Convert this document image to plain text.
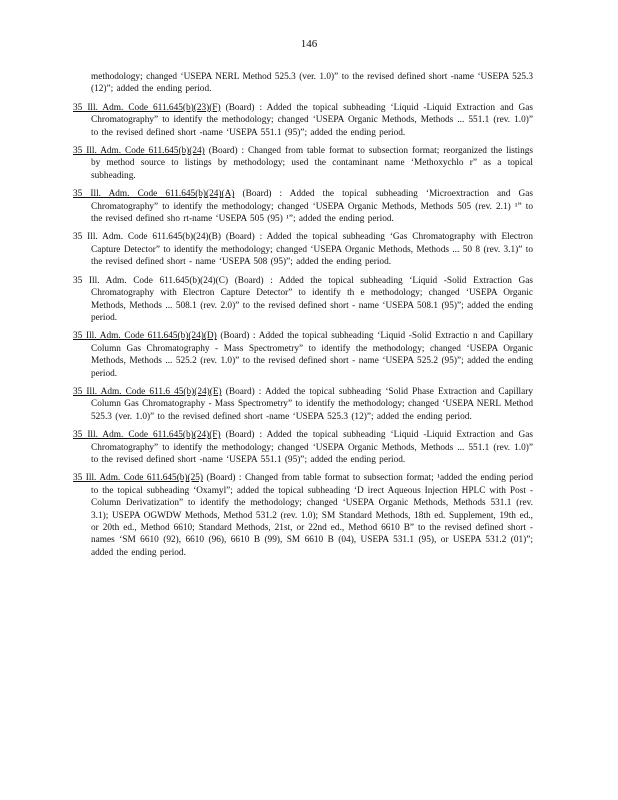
146

methodology; changed ‘USEPA NERL Method 525.3 (ver. 1.0)” to the revised defined short -name ‘USEPA 525.3 (12)”; added the ending period.

35 Ill. Adm. Code 611.645(b)(23)(F) (Board) : Added the topical subheading ‘Liquid -Liquid Extraction and Gas Chromatography” to identify the methodology; changed ‘USEPA Organic Methods, Methods ... 551.1 (rev. 1.0)” to the revised defined short -name ‘USEPA 551.1 (95)”; added the ending period.

35 Ill. Adm. Code 611.645(b)(24) (Board) : Changed from table format to subsection format; reorganized the listings by method source to listings by methodology; used the contaminant name ‘Methoxychlo r” as a topical subheading.

35 Ill. Adm. Code 611.645(b)(24)(A) (Board) : Added the topical subheading ‘Microextraction and Gas Chromatography” to identify the methodology; changed ‘USEPA Organic Methods, Methods 505 (rev. 2.1) ¹” to the revised defined sho rt-name ‘USEPA 505 (95) ¹”; added the ending period.

35 Ill. Adm. Code 611.645(b)(24)(B) (Board) : Added the topical subheading ‘Gas Chromatography with Electron Capture Detector” to identify the methodology; changed ‘USEPA Organic Methods, Methods ... 50 8 (rev. 3.1)” to the revised defined short - name ‘USEPA 508 (95)”; added the ending period.

35 Ill. Adm. Code 611.645(b)(24)(C) (Board) : Added the topical subheading ‘Liquid -Solid Extraction Gas Chromatography with Electron Capture Detector” to identify th e methodology; changed ‘USEPA Organic Methods, Methods ... 508.1 (rev. 2.0)” to the revised defined short - name ‘USEPA 508.1 (95)”; added the ending period.

35 Ill. Adm. Code 611.645(b)(24)(D) (Board) : Added the topical subheading ‘Liquid -Solid Extractio n and Capillary Column Gas Chromatography - Mass Spectrometry” to identify the methodology; changed ‘USEPA Organic Methods, Methods ... 525.2 (rev. 1.0)” to the revised defined short - name ‘USEPA 525.2 (95)”; added the ending period.

35 Ill. Adm. Code 611.6 45(b)(24)(E) (Board) : Added the topical subheading ‘Solid Phase Extraction and Capillary Column Gas Chromatography - Mass Spectrometry” to identify the methodology; changed ‘USEPA NERL Method 525.3 (ver. 1.0)” to the revised defined short -name ‘USEPA 525.3 (12)”; added the ending period.

35 Ill. Adm. Code 611.645(b)(24)(F) (Board) : Added the topical subheading ‘Liquid -Liquid Extraction and Gas Chromatography” to identify the methodology; changed ‘USEPA Organic Methods, Methods ... 551.1 (rev. 1.0)” to the revised defined short -name ‘USEPA 551.1 (95)”; added the ending period.

35 Ill. Adm. Code 611.645(b)(25) (Board) : Changed from table format to subsection format; ¹added the ending period to the topical subheading ‘Oxamyl”; added the topical subheading ‘D irect Aqueous Injection HPLC with Post -Column Derivatization” to identify the methodology; changed ‘USEPA Organic Methods, Methods 531.1 (rev. 3.1); USEPA OGWDW Methods, Method 531.2 (rev. 1.0); SM Standard Methods, 18th ed. Supplement, 19th ed., or 20th ed., Method 6610; Standard Methods, 21st, or 22nd ed., Method 6610 B” to the revised defined short - names ‘SM 6610 (92), 6610 (96), 6610 B (99), SM 6610 B (04), USEPA 531.1 (95), or USEPA 531.2 (01)”; added the ending period.
